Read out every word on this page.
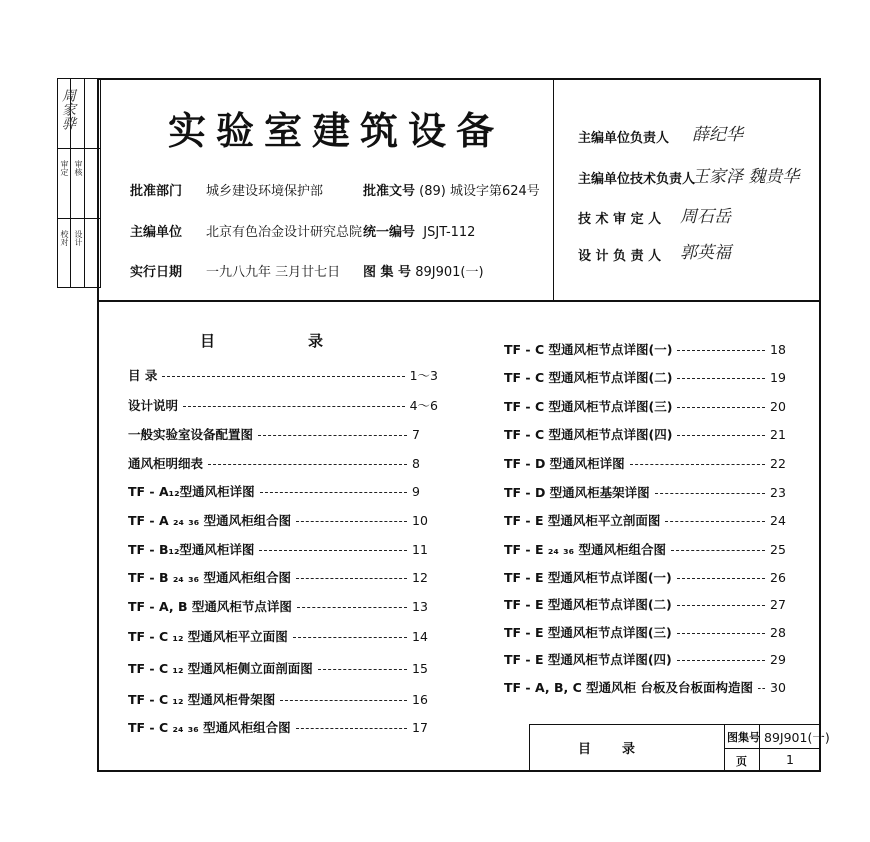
周家骅
审定 审核
校对 设计
实验室建筑设备
批准部门 城乡建设环境保护部
主编单位 北京有色冶金设计研究总院
实行日期 一九八九年 三月廿七日
批准文号 (89) 城设字第624号
统一编号 JSJT-112
图 集 号 89J901(一)
主编单位负责人 薛纪华
主编单位技术负责人
王家泽 魏贵华
技 术 审 定 人 周石岳
设 计 负 责 人 郭英福
目	录
目 录	1～3
设计说明	4～6
一般实验室设备配置图	7
通风柜明细表	8
TF - A₁₂型通风柜详图	9
TF - A ₂₄ ₃₆ 型通风柜组合图	10
TF - B₁₂型通风柜详图	11
TF - B ₂₄ ₃₆ 型通风柜组合图	12
TF - A, B 型通风柜节点详图	13
TF - C ₁₂ 型通风柜平立面图	14
TF - C ₁₂ 型通风柜侧立面剖面图	15
TF - C ₁₂ 型通风柜骨架图	16
TF - C ₂₄ ₃₆ 型通风柜组合图	17
TF - C 型通风柜节点详图(一)	18
TF - C 型通风柜节点详图(二)	19
TF - C 型通风柜节点详图(三)	20
TF - C 型通风柜节点详图(四)	21
TF - D 型通风柜详图	22
TF - D 型通风柜基架详图	23
TF - E 型通风柜平立剖面图	24
TF - E ₂₄ ₃₆ 型通风柜组合图	25
TF - E 型通风柜节点详图(一)	26
TF - E 型通风柜节点详图(二)	27
TF - E 型通风柜节点详图(三)	28
TF - E 型通风柜节点详图(四)	29
TF - A, B, C 型通风柜 台板及台板面构造图 30
目 录
图集号 89J901(一)
页	1
